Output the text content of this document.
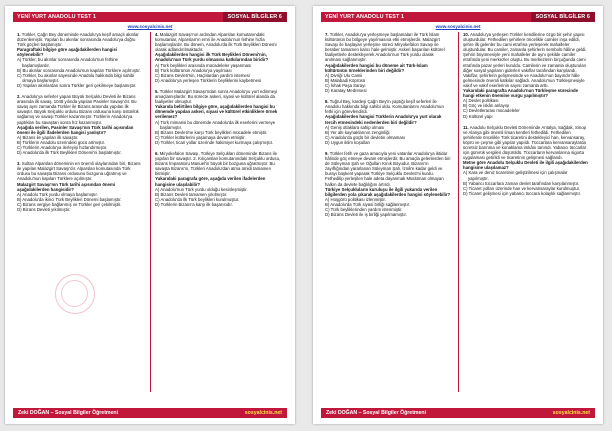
YENİ YURT ANADOLU TEST 1	SOSYAL BİLGİLER 6
www.sosyalcinis.net
1. Türkler, Çağrı Bey döneminde Anadolu'ya keşif amaçlı akınlar düzenlemiştir. Yapılan bu akınlar sonrasında Anadolu'ya doğru Türk göçleri başlamıştır.
Paragraftaki bilgiye göre aşağıdakilerden hangisi söylenebilir?
A) Türkler, bu akınlar sonrasında Anadolu'nun fethine başlamışlardır.
B) Bu akınlar sonrasında Anadolu'nun kapıları Türklere açılmıştır.
C) Türkler, bu akınlar sayesinde Anadolu hakkında bilgi sahibi olmaya başlamıştır.
D) Yapılan akınlardan sonra Türkler geri çekilmeye başlamıştır.
2. Anadolu'ya seferler yapan Büyük Selçuklu Devleti ile Bizans arasında ilk savaş, 1048 yılında yapılan Pasinler Savaşı'dır. Bu savaş aynı zamanda Türkler ile Bizans arasında yapılan ilk savaştır. Büyük Selçuklu ordusu Bizans ordusuna karşı üstünlük sağlamış ve savaşı Türkler kazanmıştır. Türklerin Anadolu'ya yaptıkları bu savaştan sonra hız kazanmıştır.
Aşağıda verilen, Pasinler Savaşı'nın Türk tarihi açısından önemi ile ilgili ifadelerden hangisi yanlıştır?
A) Bizans ile yapılan ilk savaştır.
B) Türklerin Anadolu üzerindeki gücü artmıştır.
C) Türklerin Anadolu'ya ilerleyişi hızlandırmıştır.
D) Anadolu'da ilk Türk Beylikleri Dönemi'ni başlatmıştır.
3. Sultan Alparslan döneminin en önemli olaylarından biri, Bizans ile yapılan Malazgirt Savaşı'dır. Alparslan komutasında Türk ordusu bu savaşta Bizans ordusunu bozguna uğratmış ve Anadolu'nun kapıları Türklere açılmıştır.
Malazgirt Savaşı'nın Türk tarihi açısından önemi aşağıdakilerden hangisidir?
A) Anadolu Türk yurdu olmaya başlamıştır.
B) Anadolu'da ikinci Türk Beylikleri Dönemi başlamıştır.
C) Bizans vergiye bağlanmış ve Türkler geri çekilmiştir.
D) Bizans Devleti yıkılmıştır.
4. Malazgirt Savaşı'nın ardından Alparslan komutanındaki komutanlar, Alparslan'ın emri ile Anadolu'nun fethine hızla başlamışlardır. Bu dönem, Anadolu'da ilk Türk Beylikleri Dönemi olarak adlandırılmaktadır.
Aşağıdakilerden hangisi ilk Türk Beylikleri Dönemi'nin, Anadolu'nun Türk yurdu olmasına katkılarından biridir?
A) Türk beylikleri arasında mücadeleler yaşanması
B) Türk kültürünün Anadolu'ya yayılması
C) Bizans Devleti'nin, Haçlılardan yardım istemesi
D) Anadolu'ya yerleşen Türklerin beyliklerini kaybetmesi
5. Türkler Malazgirt Savaşı'ndan sonra Anadolu'yu yurt edinmeyi amaçlamışlardır. Bu sürecte askeri, siyasi ve kültürel alanda da faaliyetler olmuştur.
Yukarıda belirtilen bilgiye göre, aşağıdakilerden hangisi bu dönemde yapılan askeri, siyasi ve kültürel etkinliklere örnek verilemez?
A) Türk mimarisi bu dönemde Anadolu'da ilk eserlerini vermeye başlamıştır.
B) Bizans Devleti'ne karşı Türk beylikleri mücadele etmiştir.
C) Türkler kültürlerini yaşamaya devam etmiştir.
D) Türkler, ticari yollar üzerinde hakimiyet kurmaya çalışmıştır.
6. Miryokefalon Savaşı, Türkiye Selçukları döneminde Bizans ile yapılan bir savaştır. 2. Kılıçarslan komutanındaki Selçuklu ordusu, Bizans İmparatoru Manuel'in büyük bir bozguna uğratmıştır. Bu savaşta Bizans'ın, Türkleri Anadolu'dan atma ümidi tamamen bitmiştir.
Yukarıdaki paragrafa göre, aşağıda verilen ifadelerden hangisine ulaşılabilir?
A) Anadolu'nun Türk yurdu olduğu kesinleşmiştir.
B) Bizans Devleti tamamen yıkılmıştır.
C) Anadolu'da ilk Türk beylikleri kurulmuştur.
D) Türklerin Bizans'a karşı ilk başarısıdır.
Zeki DOĞAN – Sosyal Bilgiler Öğretmeni	sosyalcinis.net
YENİ YURT ANADOLU TEST 1	SOSYAL BİLGİLER 6
www.sosyalcinis.net
7. Türkler, Anadolu'ya yerleşmeye başlamaları ile Türk İslam kültürünün bu bölgeye yayılmasına etki etmişlerdir. Malazgirt Savaşı ile başlayan yerleşme süreci Miryokefalon Savaşı ile beraber tamamen kalıcı hale gelmiştir. Askeri başarıları kültürel faaliyetlerle destekleyerek Anadolu'nun Türk yurdu olarak anılması sağlanmıştır.
Aşağıdakilerden hangisi bu döneme ait Türk-İslam kültürünün örneklerinden biri değildir?
A) Divriği Ulu Camii
B) Malabadi Köprüsü
C) İshak Paşa Sarayı
D) Karatay Medresesi
8. Tuğrul Bey, kardeşi Çağrı Bey'in yaptığı keşif seferleri ile Anadolu hakkında bilgi sahibi oldu. Komutanlarını Anadolu'nun fethi için görevlendirdi.
Aşağıdakilerden hangisi Türklerin Anadolu'yu yurt olarak tercih etmesindeki nedenlerden biri değildir?
A) Geniş otlaklara sahip olması
B) Yer altı kaynaklarının zenginliği
C) Anadolu'da güçlü bir devletin olmaması
D) Uygun iklim koşulları
9. Türkler fetih ve gaza amacıyla yeni vatanlar Anadolu'ya iktidar hâlinde göç etmeye devam etmişlerdir. Bu amaçla gelenlerden biri de Süleyman Şah ve Oğulları Kınık Boyudur. Bizans'ın zayıflığından yararlanan Süleyman Şah, İznik'e kadar geldi ve burayı başkent yaparak Türkiye Selçuklu Devleti'ni kurdu. Fethedilip yerleşilen hale adeta dayanmak Müslüman olmayan halkın da devlete bağlılığını artırdı.
Türkiye Selçukluların kuruluşu ile ilgili yukarıda verilen bilgilerden yola çıkarak aşağıdakilerden hangisi söylenebilir?
A) Hoşgörü politikası izlenmiştir.
B) Anadolu'da Türk siyasi birliği sağlanmıştır.
C) Türk beyliklerinden yardım istenmiştir.
D) Bizans Devleti ile iş birliği yapılmamıştır.
10. Anadolu'ya yerleşen Türkler kendilerine özgü bir şehir yapısı oluşturdular. Fethedilen şehirlere öncelikle camiler inşa edildi, şehre ilk gelenler bu cami etrafına yerleşerek mahalleler oluşturdular. Bu camiler, zamanla şehirlerin sembolü hâline geldi. Şehrin büyümesiyle yeni mahalleler de aynı şekilde camiler etrafında yeni merkezler oluştu. Bu merkezlerin birçoğunda cami etrafında pazar yerleri kuruldu. Camilerin ve zamanla oluşturulan diğer sosyal yapıların giderleri vakıflar tarafından karşılandı. Vakıflar, şehirlerin gelişmesinde ve Anadolu'nun bayındır hâle gelmesinde önemli katkılar sağladı. Anadolu'nun Türkleşmesiyle vakıf ve vakıf eserlerinin sayısı zamanla arttı.
Yukarıdaki paragrafta Anadolu'nun Türkleşme sürecinde hangi etkenin önemine vurgu yapılmıştır?
A) Devlet politikası
B) Göç ve iskân anlayışı
C) Devletlerarası mücadeleler
D) Kültürel yapı
11. Anadolu Selçuklu Devleti Döneminde Antalya, Sağdak, Sinop ve Alanya gibi önemli liman kentleri fethedildi. Fethedilen şehirlerde öncelikle Türk ticaretini destekleyici han, kervansaray, köprü ve çeşme gibi yapılar yapıldı. Tüccarlara kervansaraylarda ücretsiz barınma ve konaklama imkânı tanındı. Yabancı tüccarlar için gümrük vergileri düşürüldü. Tüccarların kervanlarına sigorta uygulaması getirildi ve ticaretinin gelişmesi sağlandı.
Metne göre Anadolu Selçuklu Devleti ile ilgili aşağıdakilerden hangisine ulaşılamaz?
A) Kara ve deniz ticaretinin geliştirilmesi için çalışmalar yapılmıştır.
B) Yabancı tüccarlara zaman devlet tarafından karşılanmıştır.
C) Ticaret yolları üzerinde han ve kervansaraylar kurulmuştur.
D) Ticaret gelişmesi için yabancı tüccara kolaylık sağlanmıştır.
Zeki DOĞAN – Sosyal Bilgiler Öğretmeni	sosyalcinis.net
